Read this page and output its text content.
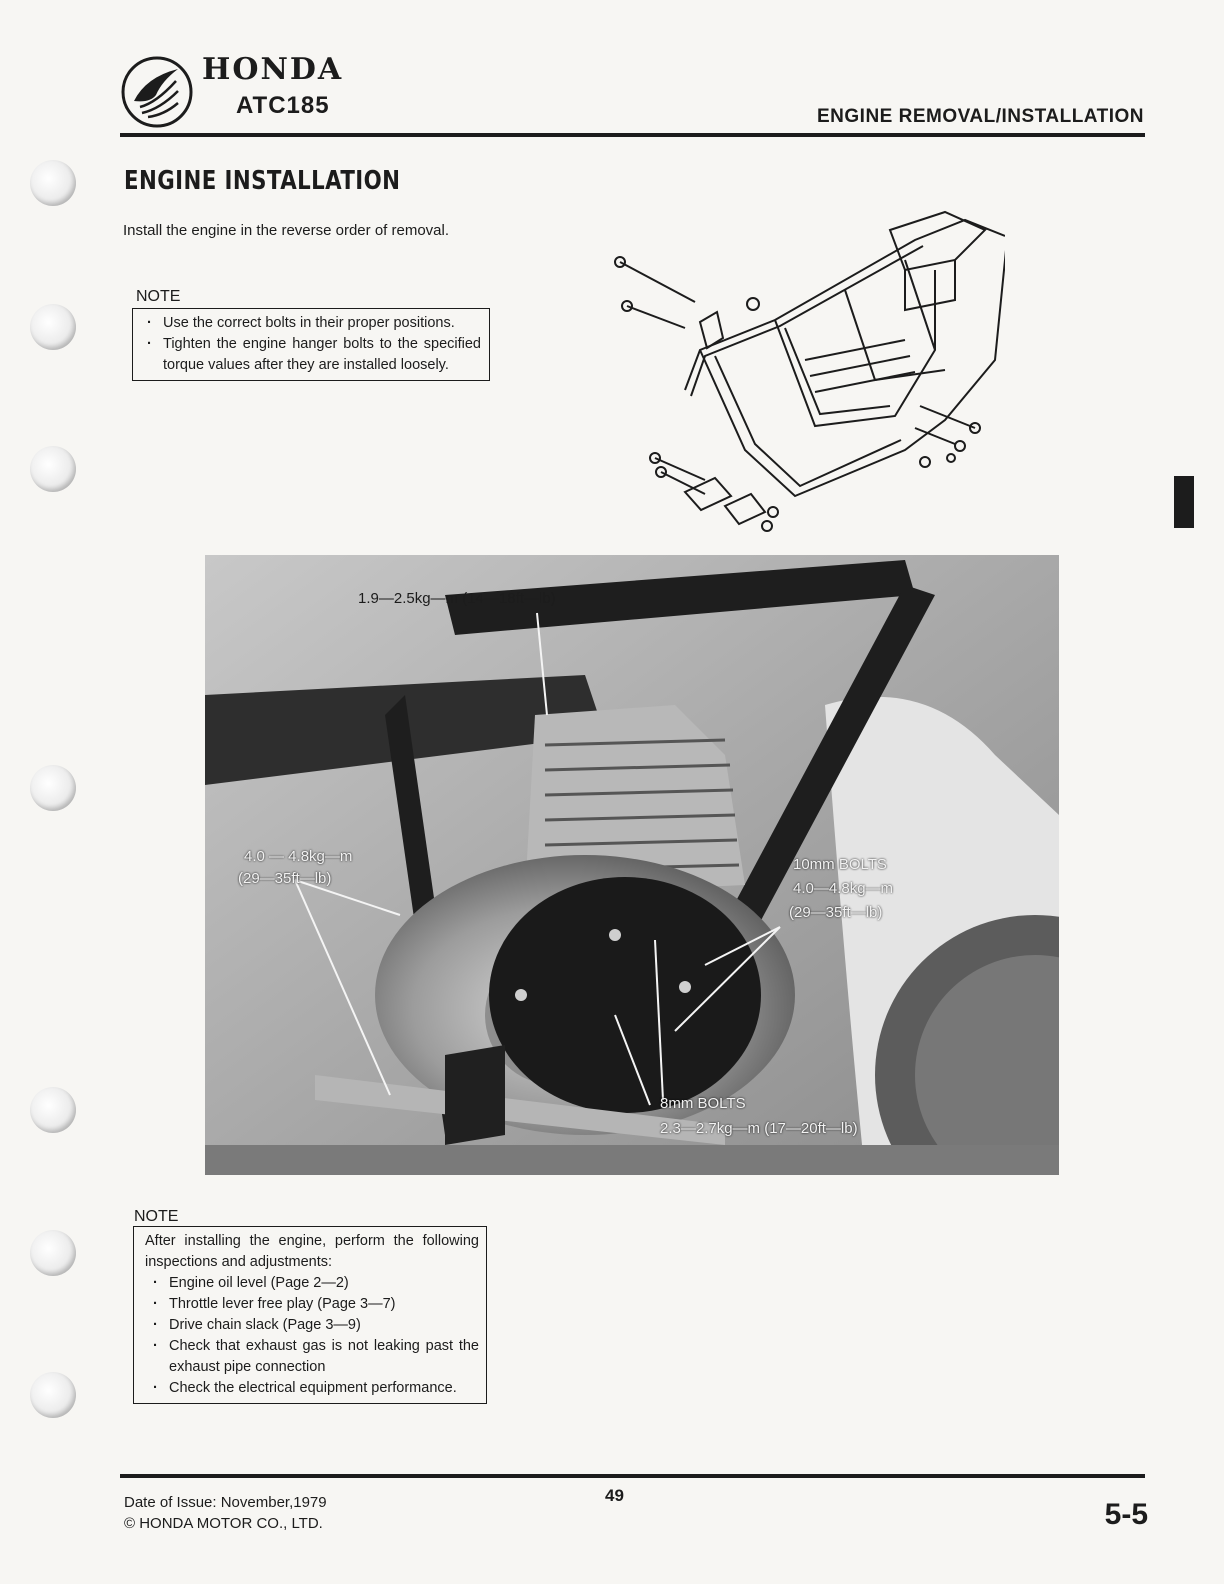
HONDA
ATC185	ENGINE REMOVAL/INSTALLATION
ENGINE INSTALLATION
Install the engine in the reverse order of removal.
NOTE
· Use the correct bolts in their proper positions.
· Tighten the engine hanger bolts to the specified torque values after they are installed loosely.
1.9—2.5kg—m (14—18ft—lb)
4.0 — 4.8kg—m
(29—35ft—lb)
10mm BOLTS
4.0—4.8kg—m
(29—35ft—lb)
8mm BOLTS
2.3—2.7kg—m (17—20ft—lb)
NOTE
After installing the engine, perform the following inspections and adjustments:
· Engine oil level (Page 2—2)
· Throttle lever free play (Page 3—7)
· Drive chain slack (Page 3—9)
· Check that exhaust gas is not leaking past the exhaust pipe connection
· Check the electrical equipment performance.
Date of Issue: November,1979
© HONDA MOTOR CO., LTD.
49
5-5
